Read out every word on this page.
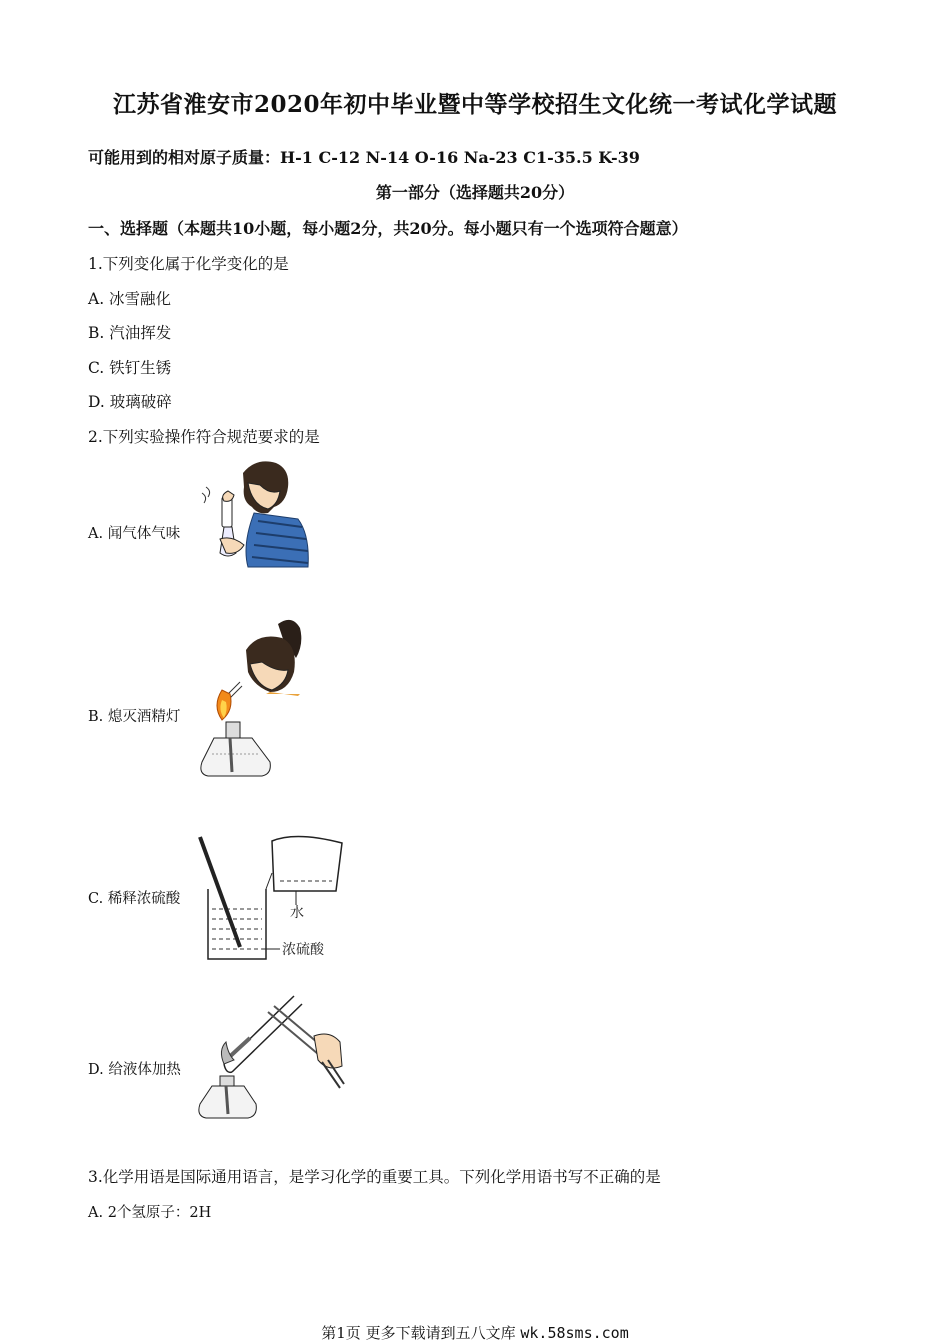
江苏省淮安市2020年初中毕业暨中等学校招生文化统一考试化学试题
可能用到的相对原子质量：H-1 C-12 N-14 O-16 Na-23 C1-35.5 K-39
第一部分（选择题共20分）
一、选择题（本题共10小题，每小题2分，共20分。每小题只有一个选项符合题意）
1.下列变化属于化学变化的是
A. 冰雪融化
B. 汽油挥发
C. 铁钉生锈
D. 玻璃破碎
2.下列实验操作符合规范要求的是
A. 闻气体气味
B. 熄灭酒精灯
C. 稀释浓硫酸
水
浓硫酸
D. 给液体加热
3.化学用语是国际通用语言，是学习化学的重要工具。下列化学用语书写不正确的是
A. 2个氢原子：2H
第1页 更多下载请到五八文库 wk.58sms.com
